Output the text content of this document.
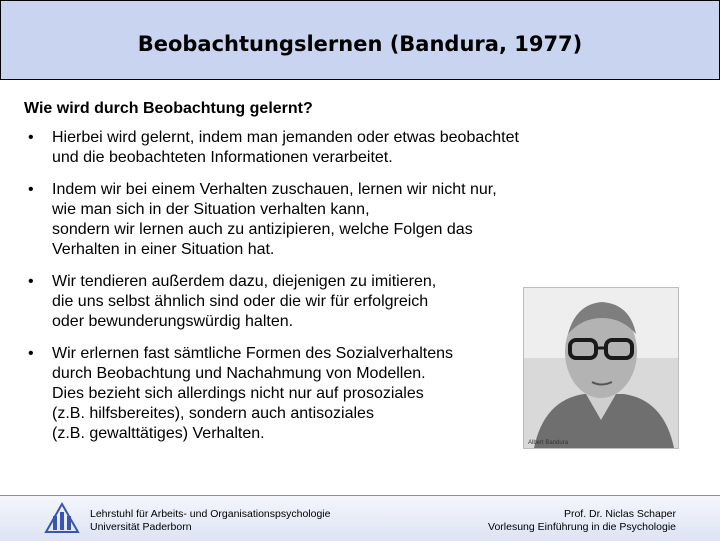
Beobachtungslernen (Bandura, 1977)

Wie wird durch Beobachtung gelernt?

• Hierbei wird gelernt, indem man jemanden oder etwas beobachtet
und die beobachteten Informationen verarbeitet.
• Indem wir bei einem Verhalten zuschauen, lernen wir nicht nur,
wie man sich in der Situation verhalten kann,
sondern wir lernen auch zu antizipieren, welche Folgen das
Verhalten in einer Situation hat.
• Wir tendieren außerdem dazu, diejenigen zu imitieren,
die uns selbst ähnlich sind oder die wir für erfolgreich
oder bewunderungswürdig halten.
• Wir erlernen fast sämtliche Formen des Sozialverhaltens
durch Beobachtung und Nachahmung von Modellen.
Dies bezieht sich allerdings nicht nur auf prosoziales
(z.B. hilfsbereites), sondern auch antisoziales
(z.B. gewalttätiges) Verhalten.
Albert Bandura
Lehrstuhl für Arbeits- und Organisationspsychologie
Universität Paderborn
Prof. Dr. Niclas Schaper
Vorlesung Einführung in die Psychologie
